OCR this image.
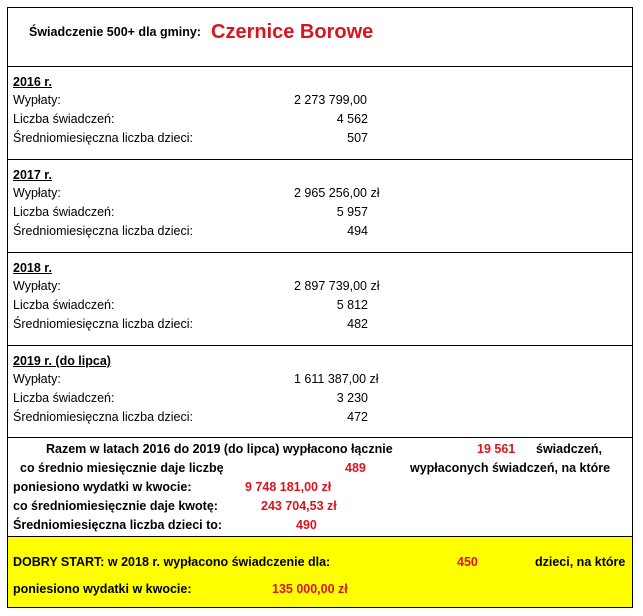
Świadczenie 500+ dla gminy: Czernice Borowe
2016 r.
Wypłaty:	2 273 799,00
Liczba świadczeń:	4 562
Średniomiesięczna liczba dzieci:	507
2017 r.
Wypłaty:	2 965 256,00 zł
Liczba świadczeń:	5 957
Średniomiesięczna liczba dzieci:	494
2018 r.
Wypłaty:	2 897 739,00 zł
Liczba świadczeń:	5 812
Średniomiesięczna liczba dzieci:	482
2019 r. (do lipca)
Wypłaty:	1 611 387,00 zł
Liczba świadczeń:	3 230
Średniomiesięczna liczba dzieci:	472
Razem w latach 2016 do 2019 (do lipca) wypłacono łącznie	19 561 świadczeń,
co średnio miesięcznie daje liczbę	489	wypłaconych świadczeń, na które
poniesiono wydatki w kwocie:	9 748 181,00 zł
co średniomiesięcznie daje kwotę:	243 704,53 zł
Średniomiesięczna liczba dzieci to:	490
DOBRY START: w 2018 r. wypłacono świadczenie dla:	450	dzieci, na które
poniesiono wydatki w kwocie:	135 000,00 zł
